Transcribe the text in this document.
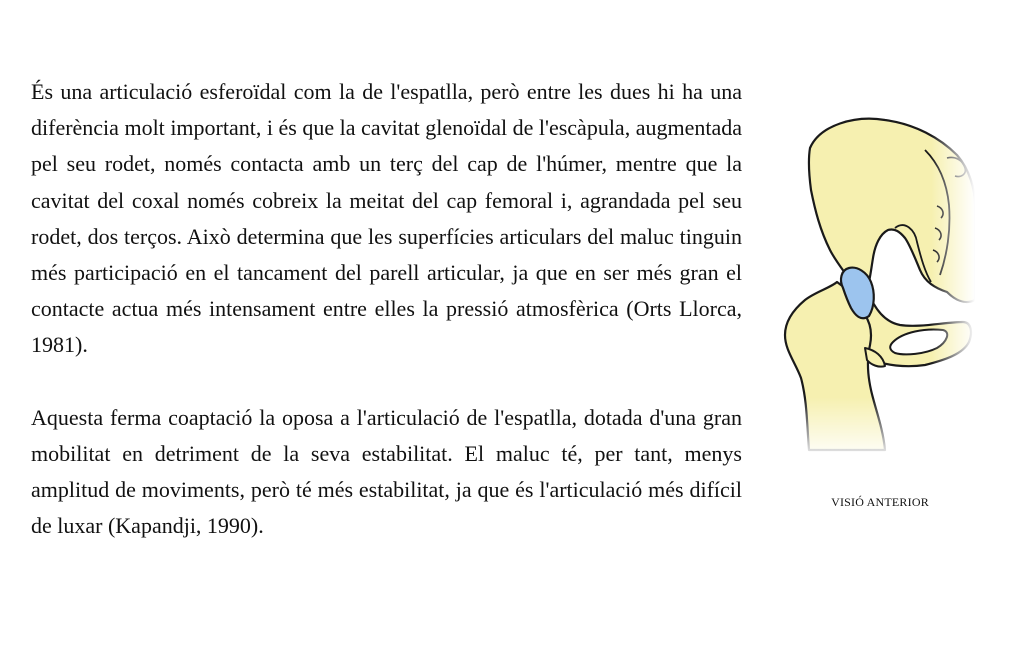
És una articulació esferoïdal com la de l'espatlla, però entre les dues hi ha una diferència molt important, i és que la cavitat glenoïdal de l'escàpula, augmentada pel seu rodet, només contacta amb un terç del cap de l'húmer, mentre que la cavitat del coxal només cobreix la meitat del cap femoral i, agrandada pel seu rodet, dos terços. Això determina que les superfícies articulars del maluc tinguin més participació en el tancament del parell articular, ja que en ser més gran el contacte actua més intensament entre elles la pressió atmosfèrica (Orts Llorca, 1981).

Aquesta ferma coaptació la oposa a l'articulació de l'espatlla, dotada d'una gran mobilitat en detriment de la seva estabilitat. El maluc té, per tant, menys amplitud de moviments, però té més estabilitat, ja que és l'articulació més difícil de luxar (Kapandji, 1990).

VISIÓ ANTERIOR
